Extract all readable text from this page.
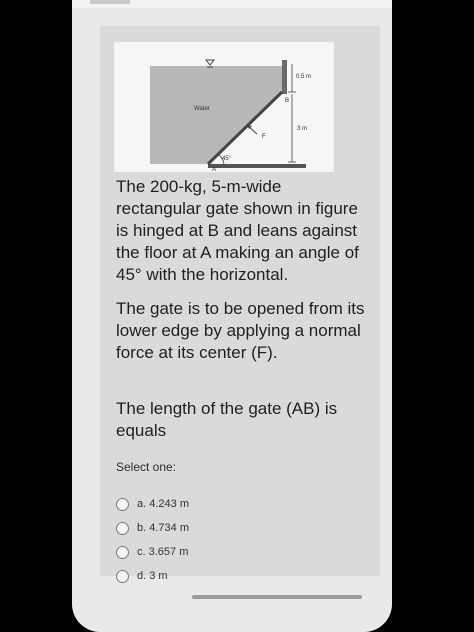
Water
0.5 m
B
3 m
F
45°
A

The 200-kg, 5-m-wide rectangular gate shown in figure is hinged at B and leans against the floor at A making an angle of 45° with the horizontal.

The gate is to be opened from its lower edge by applying a normal force at its center (F).

The length of the gate (AB) is equals

Select one:
a. 4.243 m
b. 4.734 m
c. 3.657 m
d. 3 m
